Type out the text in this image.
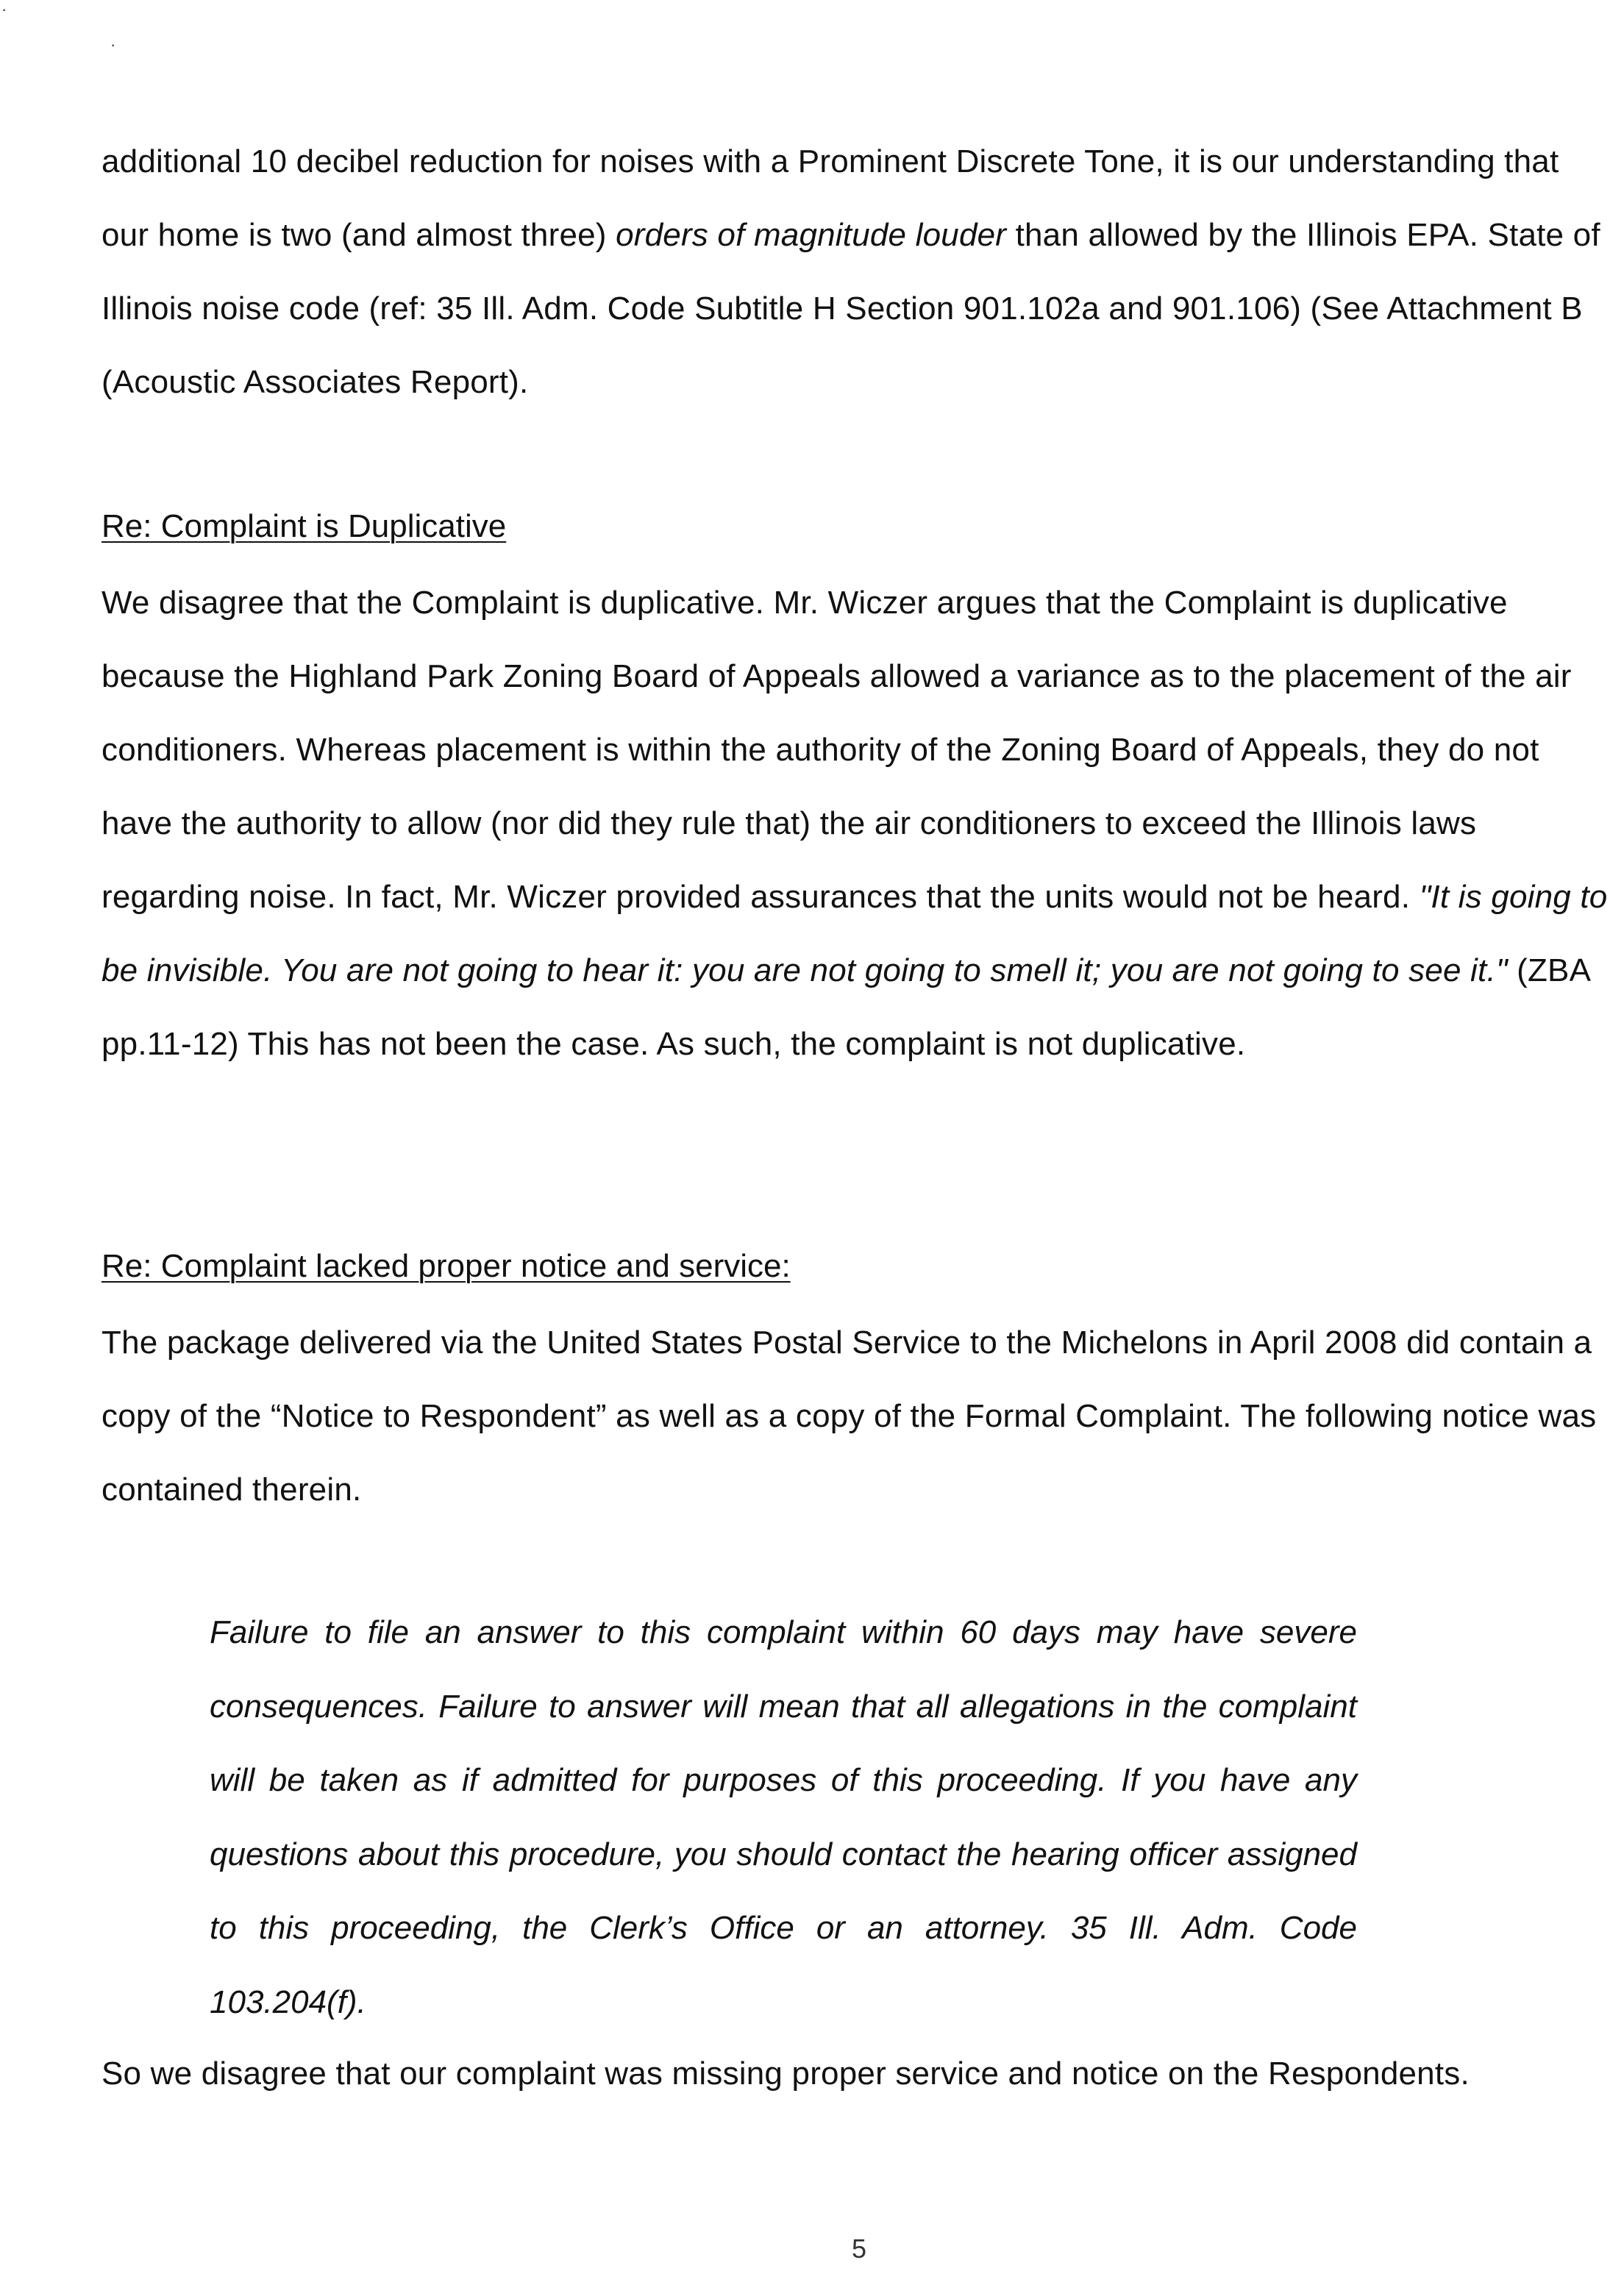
·
·

additional 10 decibel reduction for noises with a Prominent Discrete Tone, it is our understanding that our home is two (and almost three) orders of magnitude louder than allowed by the Illinois EPA. State of Illinois noise code (ref: 35 Ill. Adm. Code Subtitle H Section 901.102a and 901.106) (See Attachment B (Acoustic Associates Report).

Re: Complaint is Duplicative

We disagree that the Complaint is duplicative. Mr. Wiczer argues that the Complaint is duplicative because the Highland Park Zoning Board of Appeals allowed a variance as to the placement of the air conditioners. Whereas placement is within the authority of the Zoning Board of Appeals, they do not have the authority to allow (nor did they rule that) the air conditioners to exceed the Illinois laws regarding noise. In fact, Mr. Wiczer provided assurances that the units would not be heard. "It is going to be invisible. You are not going to hear it: you are not going to smell it; you are not going to see it." (ZBA pp.11-12) This has not been the case. As such, the complaint is not duplicative.

Re: Complaint lacked proper notice and service:

The package delivered via the United States Postal Service to the Michelons in April 2008 did contain a copy of the “Notice to Respondent” as well as a copy of the Formal Complaint. The following notice was contained therein.

Failure to file an answer to this complaint within 60 days may have severe consequences. Failure to answer will mean that all allegations in the complaint will be taken as if admitted for purposes of this proceeding. If you have any questions about this procedure, you should contact the hearing officer assigned to this proceeding, the Clerk’s Office or an attorney. 35 Ill. Adm. Code 103.204(f).

So we disagree that our complaint was missing proper service and notice on the Respondents.

5
